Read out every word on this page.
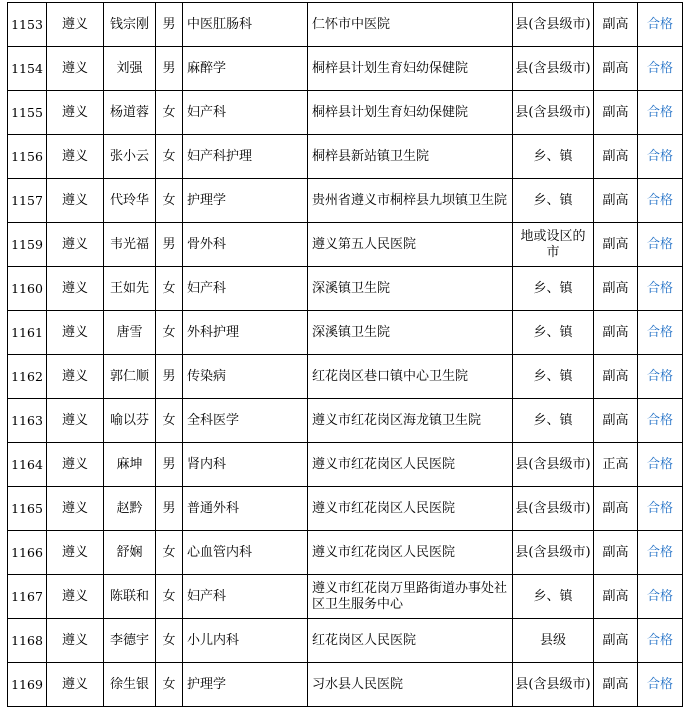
1153	遵义	钱宗刚	男	中医肛肠科	仁怀市中医院	县(含县级市)	副高	合格
1154	遵义	刘强	男	麻醉学	桐梓县计划生育妇幼保健院	县(含县级市)	副高	合格
1155	遵义	杨道蓉	女	妇产科	桐梓县计划生育妇幼保健院	县(含县级市)	副高	合格
1156	遵义	张小云	女	妇产科护理	桐梓县新站镇卫生院	乡、镇	副高	合格
1157	遵义	代玲华	女	护理学	贵州省遵义市桐梓县九坝镇卫生院	乡、镇	副高	合格
1159	遵义	韦光福	男	骨外科	遵义第五人民医院	地或设区的市	副高	合格
1160	遵义	王如先	女	妇产科	深溪镇卫生院	乡、镇	副高	合格
1161	遵义	唐雪	女	外科护理	深溪镇卫生院	乡、镇	副高	合格
1162	遵义	郭仁顺	男	传染病	红花岗区巷口镇中心卫生院	乡、镇	副高	合格
1163	遵义	喻以芬	女	全科医学	遵义市红花岗区海龙镇卫生院	乡、镇	副高	合格
1164	遵义	麻坤	男	肾内科	遵义市红花岗区人民医院	县(含县级市)	正高	合格
1165	遵义	赵黔	男	普通外科	遵义市红花岗区人民医院	县(含县级市)	副高	合格
1166	遵义	舒娴	女	心血管内科	遵义市红花岗区人民医院	县(含县级市)	副高	合格
1167	遵义	陈联和	女	妇产科	遵义市红花岗万里路街道办事处社区卫生服务中心	乡、镇	副高	合格
1168	遵义	李德宇	女	小儿内科	红花岗区人民医院	县级	副高	合格
1169	遵义	徐生银	女	护理学	习水县人民医院	县(含县级市)	副高	合格
